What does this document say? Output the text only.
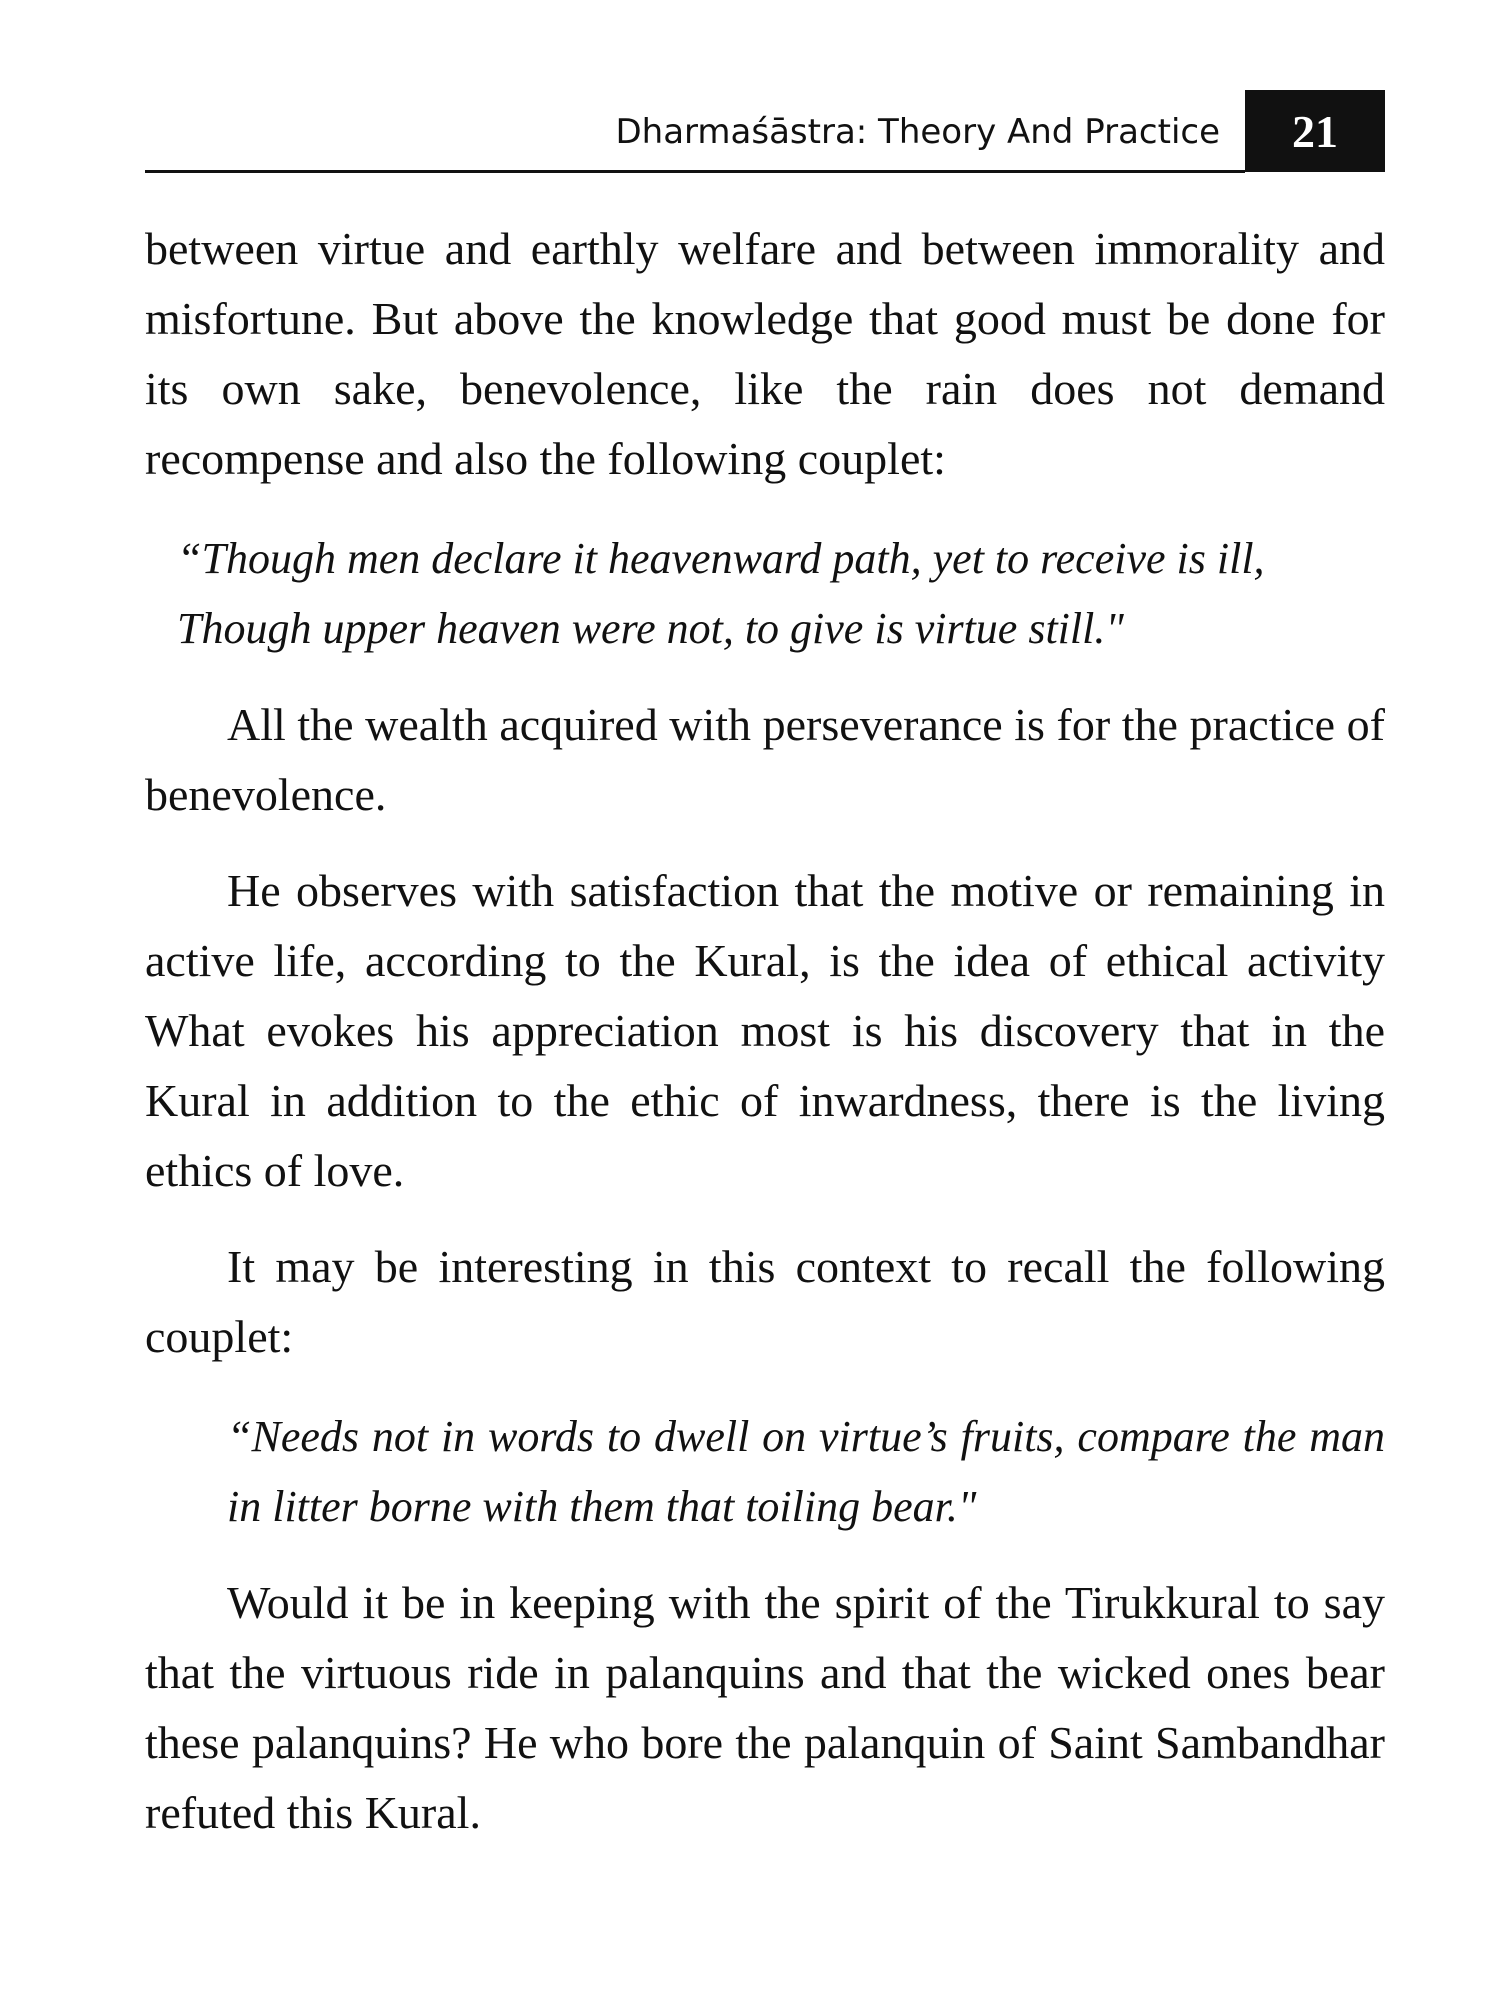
Dharmaśāstra: Theory And Practice	21

between virtue and earthly welfare and between immorality and misfortune. But above the knowledge that good must be done for its own sake, benevolence, like the rain does not demand recompense and also the following couplet:

“Though men declare it heavenward path, yet to receive is ill,
Though upper heaven were not, to give is virtue still."

All the wealth acquired with perseverance is for the practice of benevolence.

He observes with satisfaction that the motive or remaining in active life, according to the Kural, is the idea of ethical activity What evokes his appreciation most is his discovery that in the Kural in addition to the ethic of inwardness, there is the living ethics of love.

It may be interesting in this context to recall the following couplet:

“Needs not in words to dwell on virtue’s fruits, compare the man in litter borne with them that toiling bear."

Would it be in keeping with the spirit of the Tirukkural to say that the virtuous ride in palanquins and that the wicked ones bear these palanquins? He who bore the palanquin of Saint Sambandhar refuted this Kural.
